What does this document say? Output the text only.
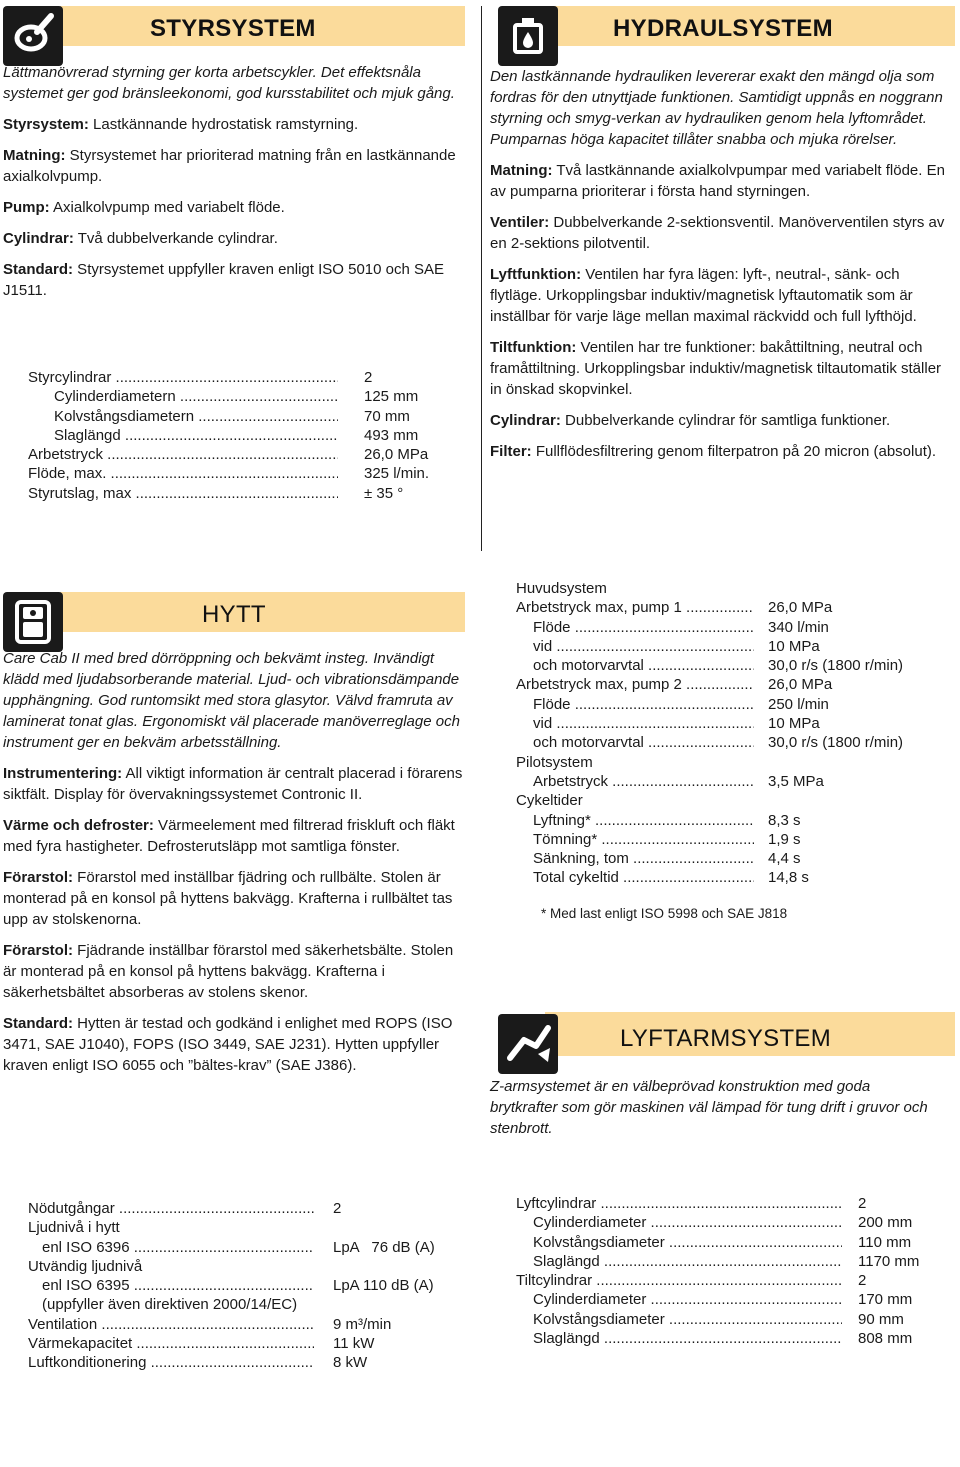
STYRSYSTEM

Lättmanövrerad styrning ger korta arbetscykler. Det effektsnåla systemet ger god bränsleekonomi, god kursstabilitet och mjuk gång.

Styrsystem: Lastkännande hydrostatisk ramstyrning.

Matning: Styrsystemet har prioriterad matning från en lastkännande axialkolvpump.

Pump: Axialkolvpump med variabelt flöde.

Cylindrar: Två dubbelverkande cylindrar.

Standard: Styrsystemet uppfyller kraven enligt ISO 5010 och SAE J1511.

Styrcylindrar .....	2
Cylinderdiametern .....	125 mm
Kolvstångsdiametern .....	70 mm
Slaglängd .....	493 mm
Arbetstryck .....	26,0 MPa
Flöde, max. .....	325 l/min.
Styrutslag, max .....	± 35 °
HYDRAULSYSTEM

Den lastkännande hydrauliken levererar exakt den mängd olja som fordras för den utnyttjade funktionen. Samtidigt uppnås en noggrann styrning och smyg-verkan av hydrauliken genom hela lyftområdet. Pumparnas höga kapacitet tillåter snabba och mjuka rörelser.

Matning: Två lastkännande axialkolvpumpar med variabelt flöde. En av pumparna prioriterar i första hand styrningen.

Ventiler: Dubbelverkande 2-sektionsventil. Manöverventilen styrs av en 2-sektions pilotventil.

Lyftfunktion: Ventilen har fyra lägen: lyft-, neutral-, sänk- och flytläge. Urkopplingsbar induktiv/magnetisk lyftautomatik som är inställbar för varje läge mellan maximal räckvidd och full lyfthöjd.

Tiltfunktion: Ventilen har tre funktioner: bakåttiltning, neutral och framåttiltning. Urkopplingsbar induktiv/magnetisk tiltautomatik ställer in önskad skopvinkel.

Cylindrar: Dubbelverkande cylindrar för samtliga funktioner.

Filter: Fullflödesfiltrering genom filterpatron på 20 micron (absolut).

Huvudsystem
Arbetstryck max, pump 1 .....	26,0 MPa
Flöde .....	340 l/min
vid .....	10 MPa
och motorvarvtal .....	30,0 r/s (1800 r/min)
Arbetstryck max, pump 2 .....	26,0 MPa
Flöde .....	250 l/min
vid .....	10 MPa
och motorvarvtal .....	30,0 r/s (1800 r/min)
Pilotsystem
Arbetstryck .....	3,5 MPa
Cykeltider
Lyftning* .....	8,3 s
Tömning* .....	1,9 s
Sänkning, tom .....	4,4 s
Total cykeltid .....	14,8 s
* Med last enligt ISO 5998 och SAE J818
HYTT

Care Cab II med bred dörröppning och bekvämt insteg. Invändigt klädd med ljudabsorberande material. Ljud- och vibrationsdämpande upphängning. God runtomsikt med stora glasytor. Välvd framruta av laminerat tonat glas. Ergonomiskt väl placerade manöverreglage och instrument ger en bekväm arbetsställning.

Instrumentering: All viktigt information är centralt placerad i förarens siktfält. Display för övervakningssystemet Contronic II.

Värme och defroster: Värmeelement med filtrerad friskluft och fläkt med fyra hastigheter. Defrosterutsläpp mot samtliga fönster.

Förarstol: Förarstol med inställbar fjädring och rullbälte. Stolen är monterad på en konsol på hyttens bakvägg. Krafterna i rullbältet tas upp av stolskenorna.

Förarstol: Fjädrande inställbar förarstol med säkerhetsbälte. Stolen är monterad på en konsol på hyttens bakvägg. Krafterna i säkerhetsbältet absorberas av stolens skenor.

Standard: Hytten är testad och godkänd i enlighet med ROPS (ISO 3471, SAE J1040), FOPS (ISO 3449, SAE J231). Hytten uppfyller kraven enligt ISO 6055 och ”bältes-krav” (SAE J386).

Nödutgångar .....	2
Ljudnivå i hytt
enl ISO 6396 .....	LpA   76 dB (A)
Utvändig ljudnivå
enl ISO 6395 .....	LpA 110 dB (A)
(uppfyller även direktiven 2000/14/EC)
Ventilation .....	9 m³/min
Värmekapacitet .....	11 kW
Luftkonditionering .....	8 kW
LYFTARMSYSTEM
Z-armsystemet är en välbeprövad konstruktion med goda brytkrafter som gör maskinen väl lämpad för tung drift i gruvor och stenbrott.
Lyftcylindrar .....	2
Cylinderdiameter .....	200 mm
Kolvstångsdiameter .....	110 mm
Slaglängd .....	1170 mm
Tiltcylindrar .....	2
Cylinderdiameter .....	170 mm
Kolvstångsdiameter .....	90 mm
Slaglängd .....	808 mm
